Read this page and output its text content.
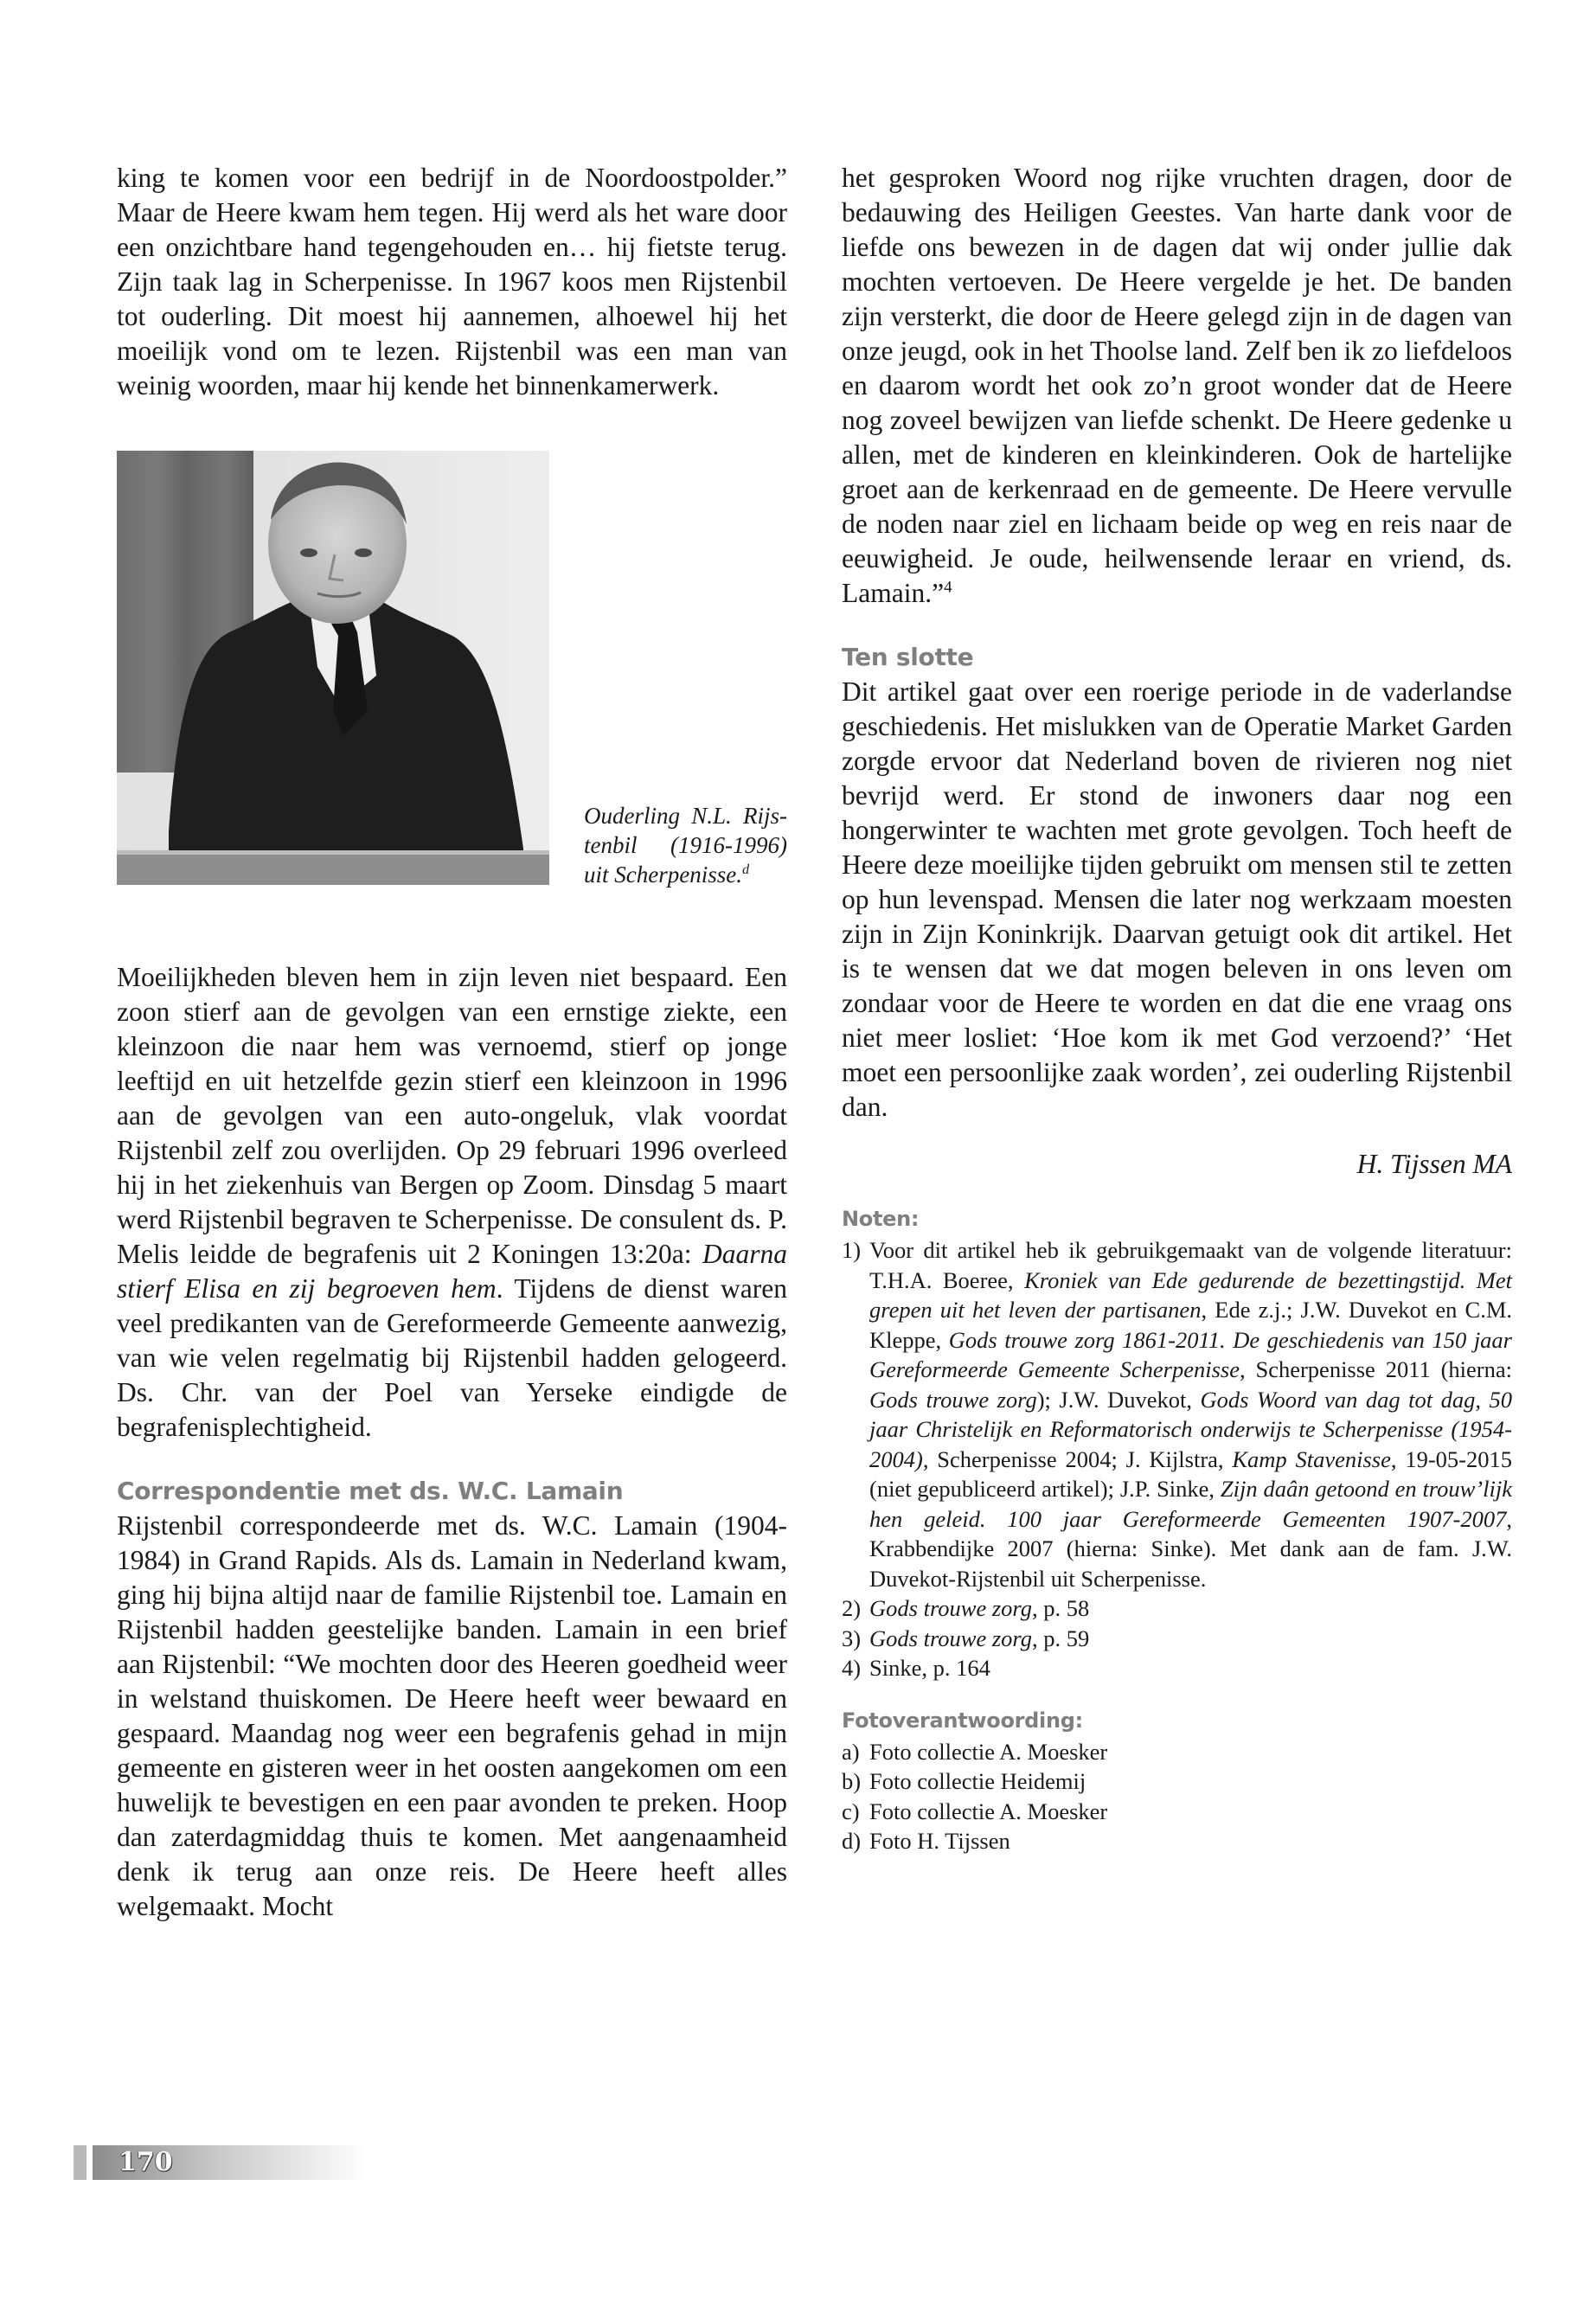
king te komen voor een bedrijf in de Noordoostpolder.” Maar de Heere kwam hem tegen. Hij werd als het ware door een onzichtbare hand tegengehouden en… hij fietste terug. Zijn taak lag in Scherpenisse. In 1967 koos men Rijstenbil tot ouderling. Dit moest hij aannemen, alhoewel hij het moeilijk vond om te lezen. Rijstenbil was een man van weinig woorden, maar hij kende het binnenkamerwerk.

Ouderling N.L. Rijstenbil (1916-1996) uit Scherpenisse.$^d$

Moeilijkheden bleven hem in zijn leven niet bespaard. Een zoon stierf aan de gevolgen van een ernstige ziekte, een kleinzoon die naar hem was vernoemd, stierf op jonge leeftijd en uit hetzelfde gezin stierf een kleinzoon in 1996 aan de gevolgen van een auto-ongeluk, vlak voordat Rijstenbil zelf zou overlijden. Op 29 februari 1996 overleed hij in het ziekenhuis van Bergen op Zoom. Dinsdag 5 maart werd Rijstenbil begraven te Scherpenisse. De consulent ds. P. Melis leidde de begrafenis uit 2 Koningen 13:20a: Daarna stierf Elisa en zij begroeven hem. Tijdens de dienst waren veel predikanten van de Gereformeerde Gemeente aanwezig, van wie velen regelmatig bij Rijstenbil hadden gelogeerd. Ds. Chr. van der Poel van Yerseke eindigde de begrafenisplechtigheid.

Correspondentie met ds. W.C. Lamain

Rijstenbil correspondeerde met ds. W.C. Lamain (1904-1984) in Grand Rapids. Als ds. Lamain in Nederland kwam, ging hij bijna altijd naar de familie Rijstenbil toe. Lamain en Rijstenbil hadden geestelijke banden. Lamain in een brief aan Rijstenbil: “We mochten door des Heeren goedheid weer in welstand thuiskomen. De Heere heeft weer bewaard en gespaard. Maandag nog weer een begrafenis gehad in mijn gemeente en gisteren weer in het oosten aangekomen om een huwelijk te bevestigen en een paar avonden te preken. Hoop dan zaterdagmiddag thuis te komen. Met aangenaamheid denk ik terug aan onze reis. De Heere heeft alles welgemaakt. Mocht

het gesproken Woord nog rijke vruchten dragen, door de bedauwing des Heiligen Geestes. Van harte dank voor de liefde ons bewezen in de dagen dat wij onder jullie dak mochten vertoeven. De Heere vergelde je het. De banden zijn versterkt, die door de Heere gelegd zijn in de dagen van onze jeugd, ook in het Thoolse land. Zelf ben ik zo liefdeloos en daarom wordt het ook zo’n groot wonder dat de Heere nog zoveel bewijzen van liefde schenkt. De Heere gedenke u allen, met de kinderen en kleinkinderen. Ook de hartelijke groet aan de kerkenraad en de gemeente. De Heere vervulle de noden naar ziel en lichaam beide op weg en reis naar de eeuwigheid. Je oude, heilwensende leraar en vriend, ds. Lamain.”$^4$

Ten slotte

Dit artikel gaat over een roerige periode in de vaderlandse geschiedenis. Het mislukken van de Operatie Market Garden zorgde ervoor dat Nederland boven de rivieren nog niet bevrijd werd. Er stond de inwoners daar nog een hongerwinter te wachten met grote gevolgen. Toch heeft de Heere deze moeilijke tijden gebruikt om mensen stil te zetten op hun levenspad. Mensen die later nog werkzaam moesten zijn in Zijn Koninkrijk. Daarvan getuigt ook dit artikel. Het is te wensen dat we dat mogen beleven in ons leven om zondaar voor de Heere te worden en dat die ene vraag ons niet meer losliet: ‘Hoe kom ik met God verzoend?’ ‘Het moet een persoonlijke zaak worden’, zei ouderling Rijstenbil dan.

H. Tijssen MA

Noten:
1) Voor dit artikel heb ik gebruikgemaakt van de volgende literatuur: T.H.A. Boeree, Kroniek van Ede gedurende de bezettingstijd. Met grepen uit het leven der partisanen, Ede z.j.; J.W. Duvekot en C.M. Kleppe, Gods trouwe zorg 1861-2011. De geschiedenis van 150 jaar Gereformeerde Gemeente Scherpenisse, Scherpenisse 2011 (hierna: Gods trouwe zorg); J.W. Duvekot, Gods Woord van dag tot dag, 50 jaar Christelijk en Reformatorisch onderwijs te Scherpenisse (1954-2004), Scherpenisse 2004; J. Kijlstra, Kamp Stavenisse, 19-05-2015 (niet gepubliceerd artikel); J.P. Sinke, Zijn daân getoond en trouw’lijk hen geleid. 100 jaar Gereformeerde Gemeenten 1907-2007, Krabbendijke 2007 (hierna: Sinke). Met dank aan de fam. J.W. Duvekot-Rijstenbil uit Scherpenisse.
2) Gods trouwe zorg, p. 58
3) Gods trouwe zorg, p. 59
4) Sinke, p. 164
Fotoverantwoording:
a) Foto collectie A. Moesker
b) Foto collectie Heidemij
c) Foto collectie A. Moesker
d) Foto H. Tijssen
170
